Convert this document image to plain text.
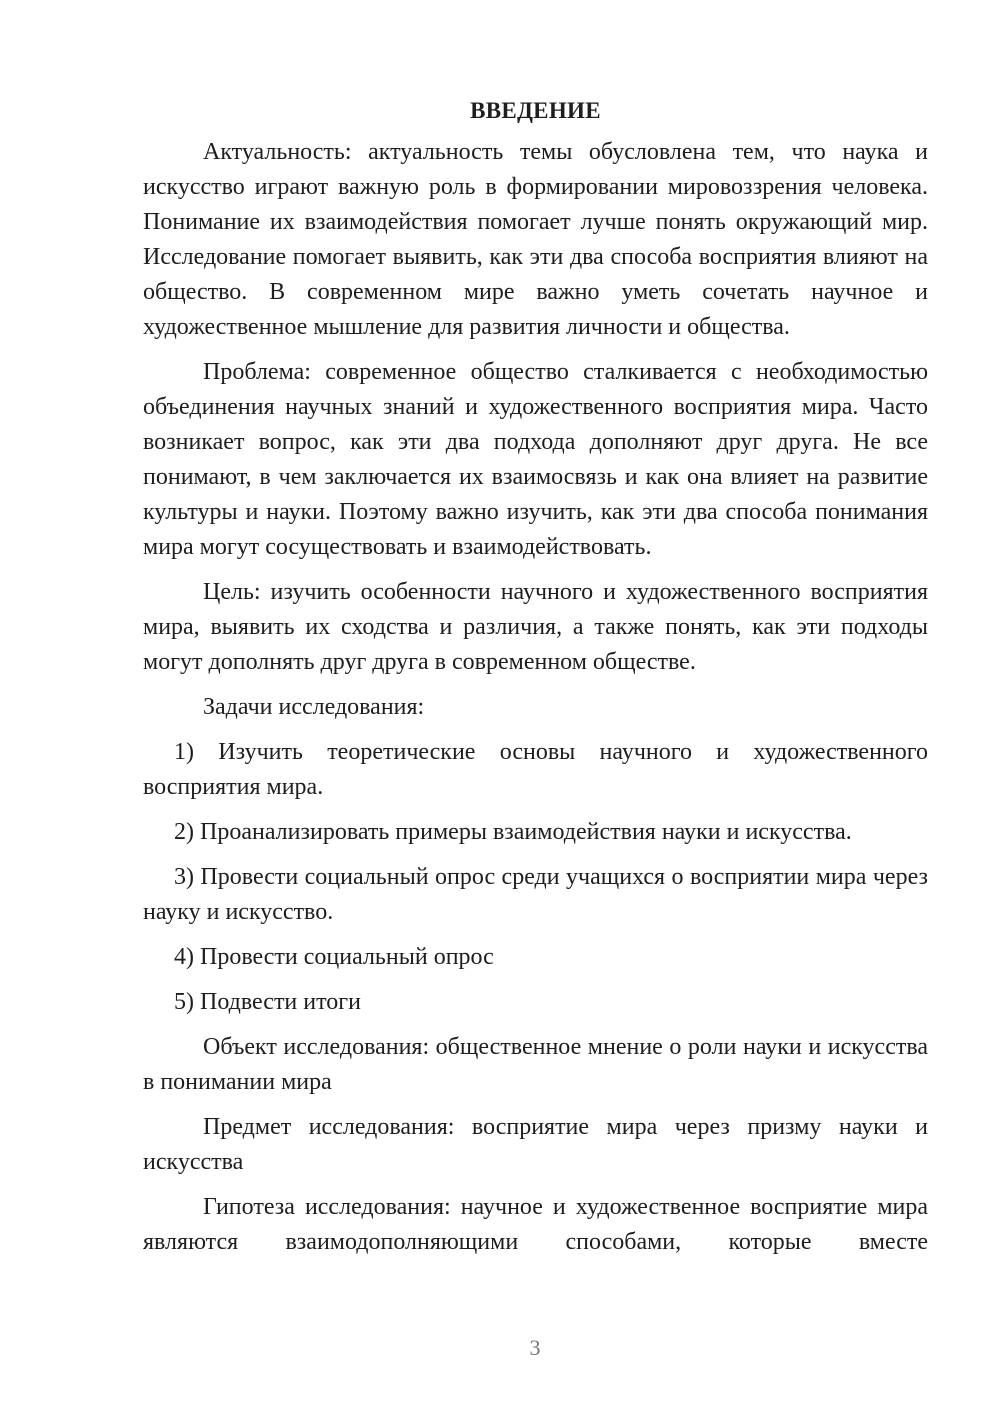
ВВЕДЕНИЕ

Актуальность: актуальность темы обусловлена тем, что наука и искусство играют важную роль в формировании мировоззрения человека. Понимание их взаимодействия помогает лучше понять окружающий мир. Исследование помогает выявить, как эти два способа восприятия влияют на общество. В современном мире важно уметь сочетать научное и художественное мышление для развития личности и общества.

Проблема: современное общество сталкивается с необходимостью объединения научных знаний и художественного восприятия мира. Часто возникает вопрос, как эти два подхода дополняют друг друга. Не все понимают, в чем заключается их взаимосвязь и как она влияет на развитие культуры и науки. Поэтому важно изучить, как эти два способа понимания мира могут сосуществовать и взаимодействовать.

Цель: изучить особенности научного и художественного восприятия мира, выявить их сходства и различия, а также понять, как эти подходы могут дополнять друг друга в современном обществе.

Задачи исследования:

1) Изучить теоретические основы научного и художественного восприятия мира.

2) Проанализировать примеры взаимодействия науки и искусства.

3) Провести социальный опрос среди учащихся о восприятии мира через науку и искусство.

4) Провести социальный опрос

5) Подвести итоги

Объект исследования: общественное мнение о роли науки и искусства в понимании мира

Предмет исследования: восприятие мира через призму науки и искусства

Гипотеза исследования: научное и художественное восприятие мира являются взаимодополняющими способами, которые вместе

3
